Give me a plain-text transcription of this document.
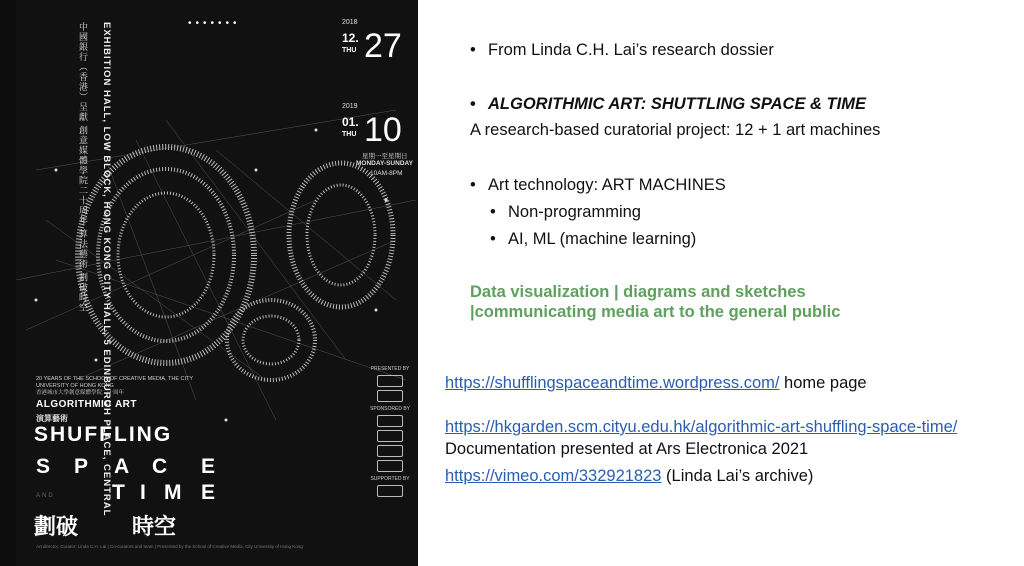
中國銀行（香港）呈獻 創意媒體學院二十周年 算法藝術 劃破時空 EXHIBITION HALL, LOW BLOCK, HONG KONG CITY HALL, 5 EDINBURGH PLACE, CENTRAL	•••••••	2018
12.
THU 27
2019
01.
THU 10
星期一至星期日
MONDAY-SUNDAY
10AM-8PM
20 YEARS OF THE SCHOOL OF CREATIVE MEDIA, THE CITY UNIVERSITY OF HONG KONG
香港城市大學創意媒體學院二十周年
ALGORITHMIC ART
演算藝術
SHUFFLING
S P A C E
AND	T I M E
劃破 時空
Art director, Curator: Linda C.H. Lai | Co-curators and team | Presented by the School of Creative Media, City University of Hong Kong
PRESENTED BY
SPONSORED BY
SUPPORTED BY
• From Linda C.H. Lai’s research dossier
• ALGORITHMIC ART: SHUTTLING SPACE & TIME
A research-based curatorial project: 12 + 1 art machines
• Art technology: ART MACHINES
• Non-programming
• AI, ML (machine learning)
Data visualization | diagrams and sketches
|communicating media art to the general public
https://shufflingspaceandtime.wordpress.com/ home page
https://hkgarden.scm.cityu.edu.hk/algorithmic-art-shuffling-space-time/
Documentation presented at Ars Electronica 2021
https://vimeo.com/332921823 (Linda Lai’s archive)
